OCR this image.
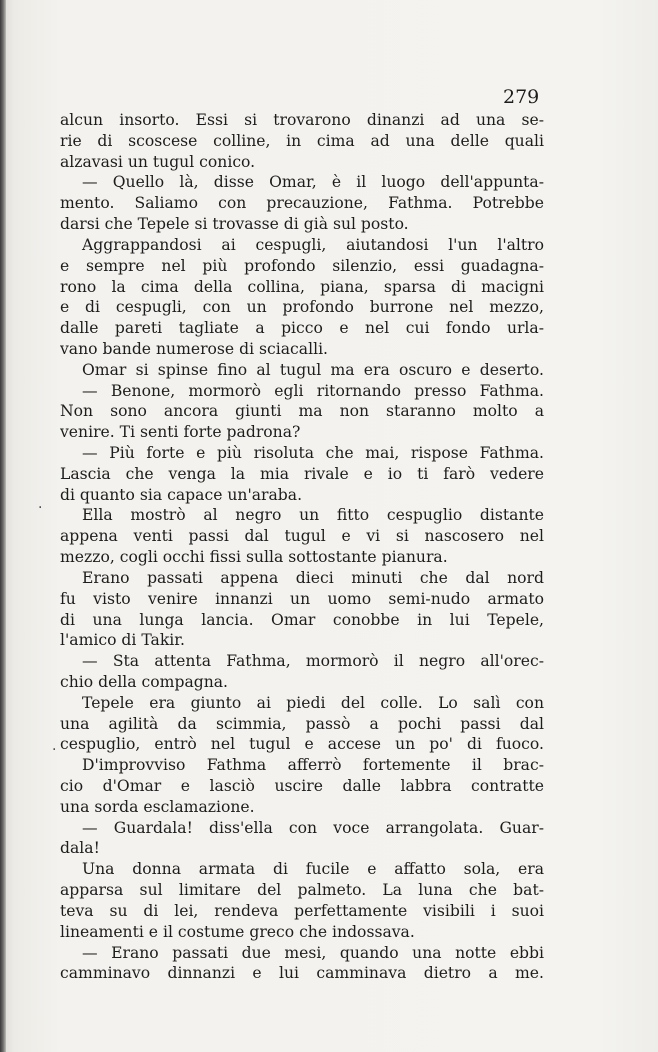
279

alcun insorto. Essi si trovarono dinanzi ad una se-
rie di scoscese colline, in cima ad una delle quali
alzavasi un tugul conico.
— Quello là, disse Omar, è il luogo dell'appunta-
mento. Saliamo con precauzione, Fathma. Potrebbe
darsi che Tepele si trovasse di già sul posto.
Aggrappandosi ai cespugli, aiutandosi l'un l'altro
e sempre nel più profondo silenzio, essi guadagna-
rono la cima della collina, piana, sparsa di macigni
e di cespugli, con un profondo burrone nel mezzo,
dalle pareti tagliate a picco e nel cui fondo urla-
vano bande numerose di sciacalli.
Omar si spinse fino al tugul ma era oscuro e deserto.
— Benone, mormorò egli ritornando presso Fathma.
Non sono ancora giunti ma non staranno molto a
venire. Ti senti forte padrona?
— Più forte e più risoluta che mai, rispose Fathma.
Lascia che venga la mia rivale e io ti farò vedere
di quanto sia capace un'araba.
Ella mostrò al negro un fitto cespuglio distante
appena venti passi dal tugul e vi si nascosero nel
mezzo, cogli occhi fissi sulla sottostante pianura.
Erano passati appena dieci minuti che dal nord
fu visto venire innanzi un uomo semi-nudo armato
di una lunga lancia. Omar conobbe in lui Tepele,
l'amico di Takir.
— Sta attenta Fathma, mormorò il negro all'orec-
chio della compagna.
Tepele era giunto ai piedi del colle. Lo salì con
una agilità da scimmia, passò a pochi passi dal
cespuglio, entrò nel tugul e accese un po' di fuoco.
D'improvviso Fathma afferrò fortemente il brac-
cio d'Omar e lasciò uscire dalle labbra contratte
una sorda esclamazione.
— Guardala! diss'ella con voce arrangolata. Guar-
dala!
Una donna armata di fucile e affatto sola, era
apparsa sul limitare del palmeto. La luna che bat-
teva su di lei, rendeva perfettamente visibili i suoi
lineamenti e il costume greco che indossava.
— Erano passati due mesi, quando una notte ebbi
camminavo dinnanzi e lui camminava dietro a me.
·
·
